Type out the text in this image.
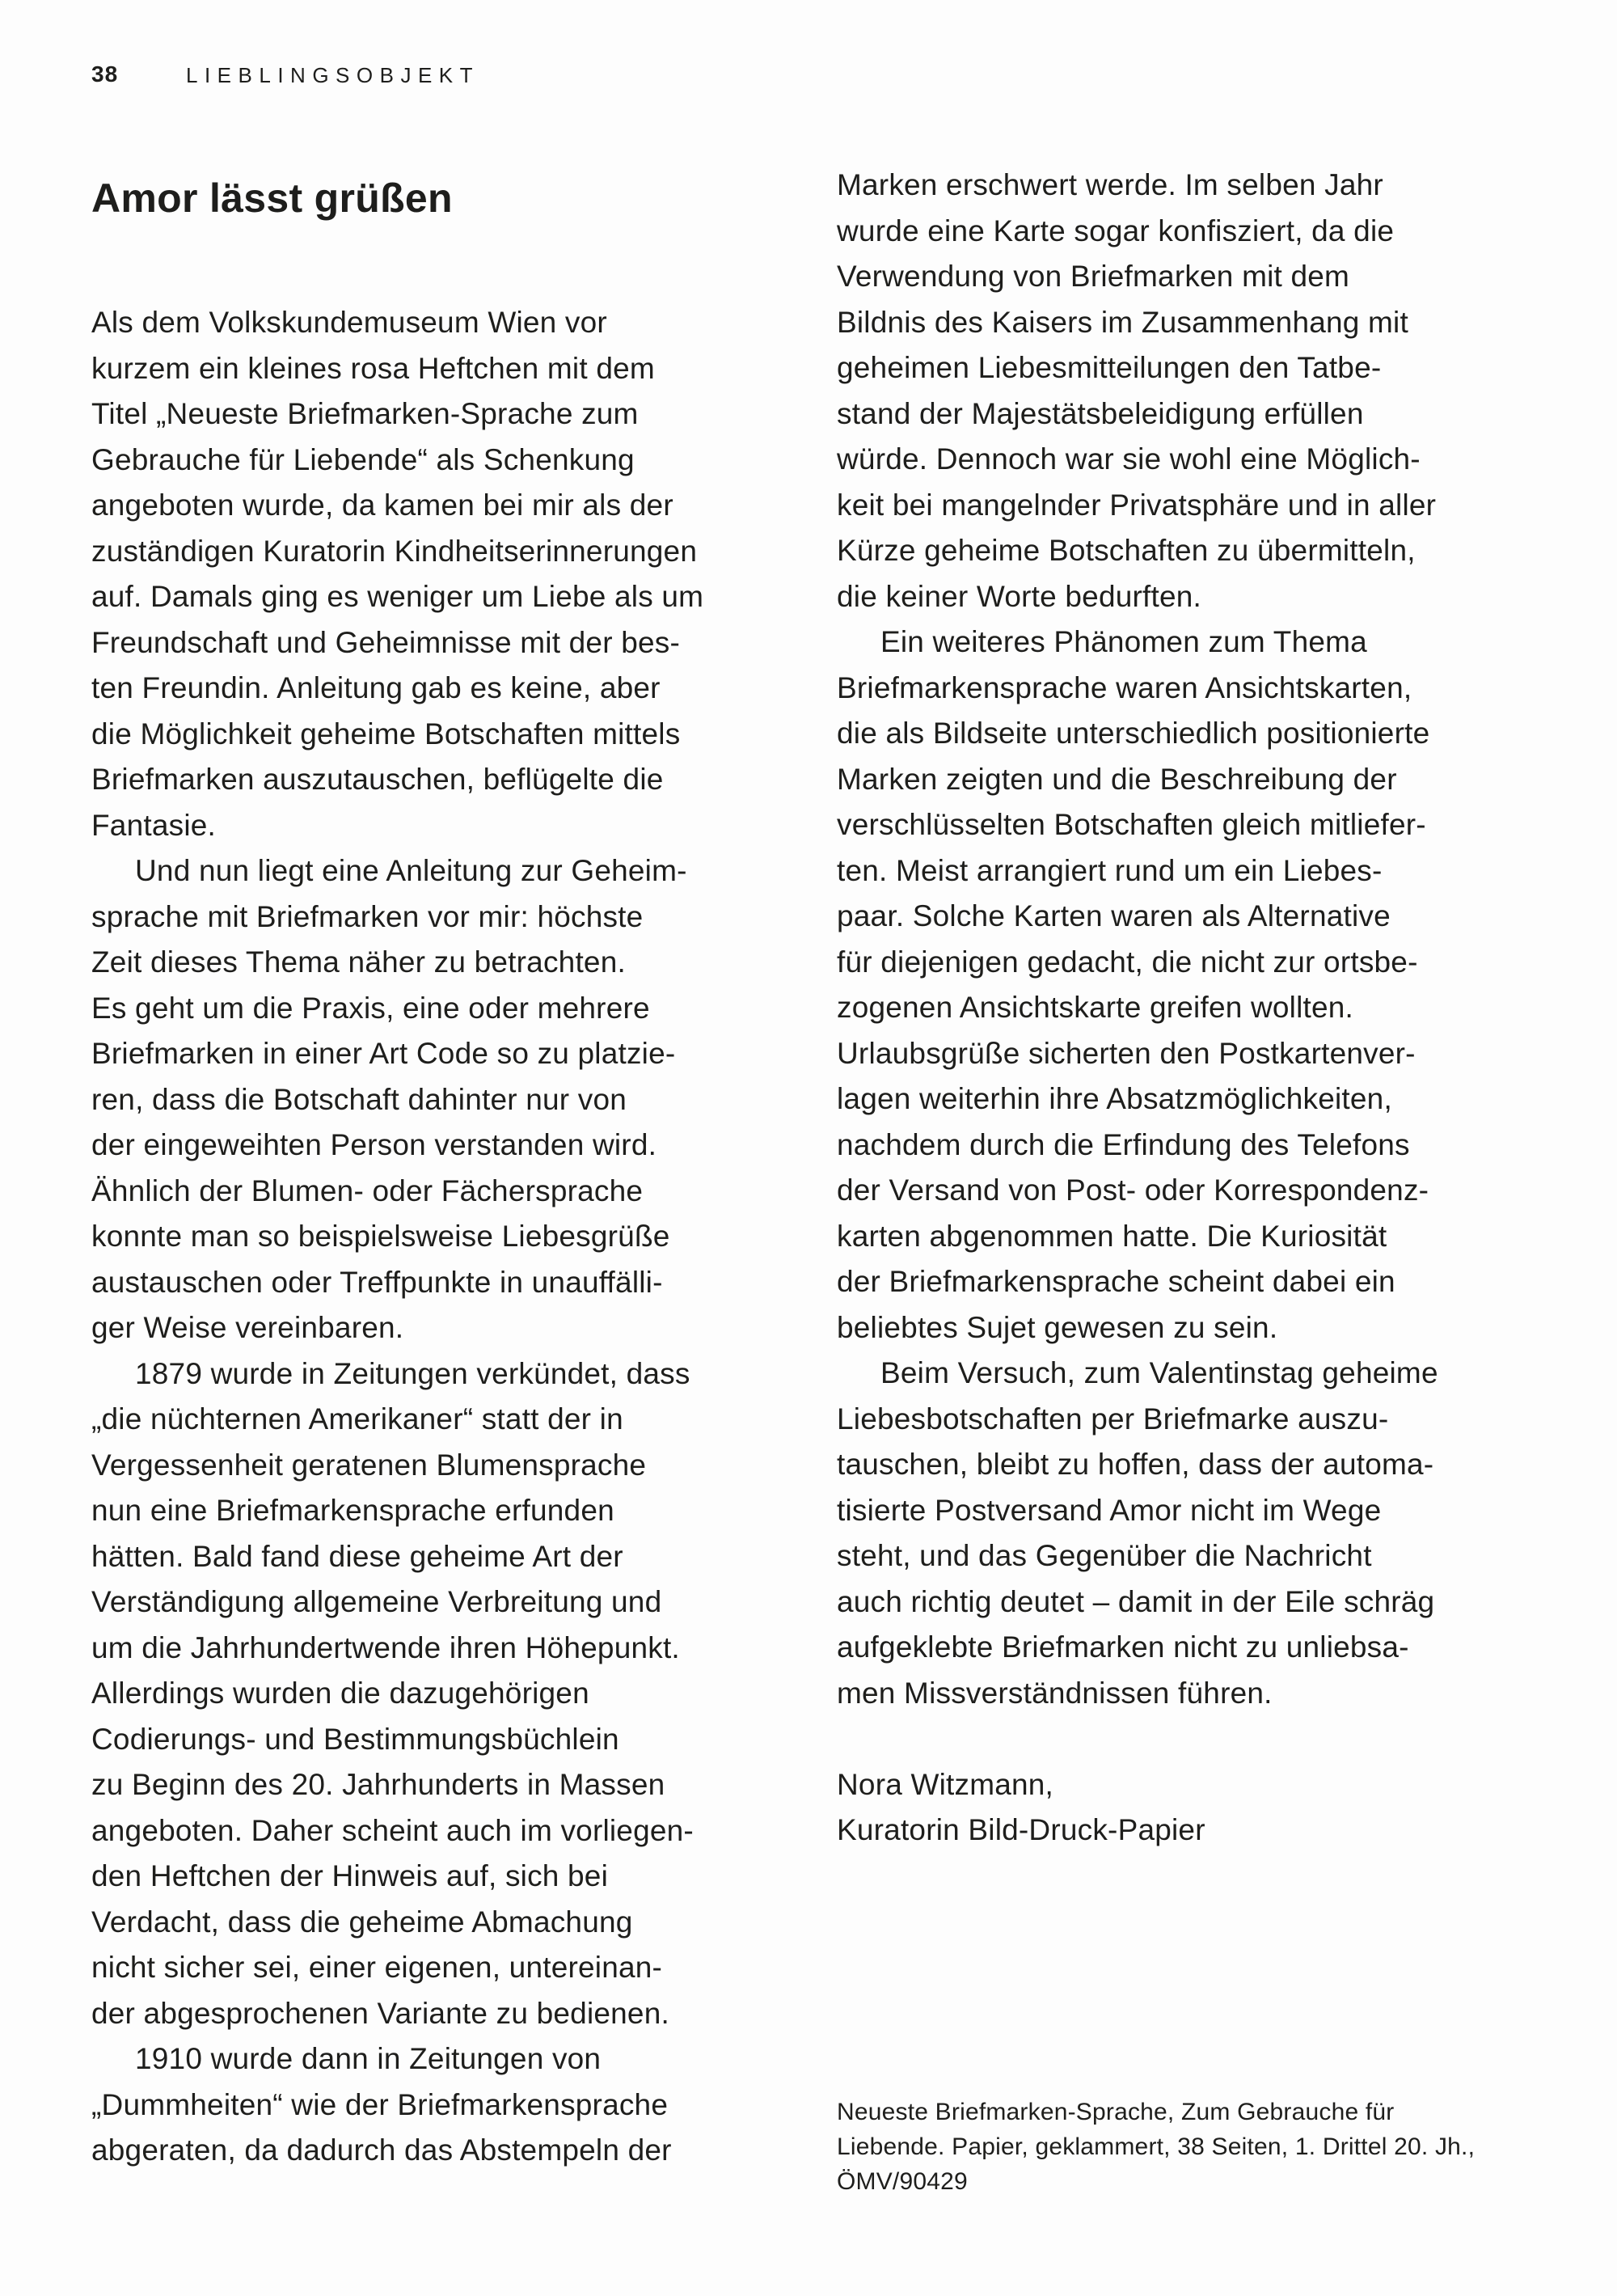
38	LIEBLINGSOBJEKT
Amor lässt grüßen
Als dem Volkskundemuseum Wien vor
kurzem ein kleines rosa Heftchen mit dem
Titel „Neueste Briefmarken-Sprache zum
Gebrauche für Liebende“ als Schenkung
angeboten wurde, da kamen bei mir als der
zuständigen Kuratorin Kindheitserinnerungen
auf. Damals ging es weniger um Liebe als um
Freundschaft und Geheimnisse mit der bes-
ten Freundin. Anleitung gab es keine, aber
die Möglichkeit geheime Botschaften mittels
Briefmarken auszutauschen, beflügelte die
Fantasie.
Und nun liegt eine Anleitung zur Geheim-
sprache mit Briefmarken vor mir: höchste
Zeit dieses Thema näher zu betrachten.
Es geht um die Praxis, eine oder mehrere
Briefmarken in einer Art Code so zu platzie-
ren, dass die Botschaft dahinter nur von
der eingeweihten Person verstanden wird.
Ähnlich der Blumen- oder Fächersprache
konnte man so beispielsweise Liebesgrüße
austauschen oder Treffpunkte in unauffälli-
ger Weise vereinbaren.
1879 wurde in Zeitungen verkündet, dass
„die nüchternen Amerikaner“ statt der in
Vergessenheit geratenen Blumensprache
nun eine Briefmarkensprache erfunden
hätten. Bald fand diese geheime Art der
Verständigung allgemeine Verbreitung und
um die Jahrhundertwende ihren Höhepunkt.
Allerdings wurden die dazugehörigen
Codierungs- und Bestimmungsbüchlein
zu Beginn des 20. Jahrhunderts in Massen
angeboten. Daher scheint auch im vorliegen-
den Heftchen der Hinweis auf, sich bei
Verdacht, dass die geheime Abmachung
nicht sicher sei, einer eigenen, untereinan-
der abgesprochenen Variante zu bedienen.
1910 wurde dann in Zeitungen von
„Dummheiten“ wie der Briefmarkensprache
abgeraten, da dadurch das Abstempeln der
Marken erschwert werde. Im selben Jahr
wurde eine Karte sogar konfisziert, da die
Verwendung von Briefmarken mit dem
Bildnis des Kaisers im Zusammenhang mit
geheimen Liebesmitteilungen den Tatbe-
stand der Majestätsbeleidigung erfüllen
würde. Dennoch war sie wohl eine Möglich-
keit bei mangelnder Privatsphäre und in aller
Kürze geheime Botschaften zu übermitteln,
die keiner Worte bedurften.
Ein weiteres Phänomen zum Thema
Briefmarkensprache waren Ansichtskarten,
die als Bildseite unterschiedlich positionierte
Marken zeigten und die Beschreibung der
verschlüsselten Botschaften gleich mitliefer-
ten. Meist arrangiert rund um ein Liebes-
paar. Solche Karten waren als Alternative
für diejenigen gedacht, die nicht zur ortsbe-
zogenen Ansichtskarte greifen wollten.
Urlaubsgrüße sicherten den Postkartenver-
lagen weiterhin ihre Absatzmöglichkeiten,
nachdem durch die Erfindung des Telefons
der Versand von Post- oder Korrespondenz-
karten abgenommen hatte. Die Kuriosität
der Briefmarkensprache scheint dabei ein
beliebtes Sujet gewesen zu sein.
Beim Versuch, zum Valentinstag geheime
Liebesbotschaften per Briefmarke auszu-
tauschen, bleibt zu hoffen, dass der automa-
tisierte Postversand Amor nicht im Wege
steht, und das Gegenüber die Nachricht
auch richtig deutet – damit in der Eile schräg
aufgeklebte Briefmarken nicht zu unliebsa-
men Missverständnissen führen.
Nora Witzmann,
Kuratorin Bild-Druck-Papier
Neueste Briefmarken-Sprache, Zum Gebrauche für
Liebende. Papier, geklammert, 38 Seiten, 1. Drittel 20. Jh.,
ÖMV/90429
